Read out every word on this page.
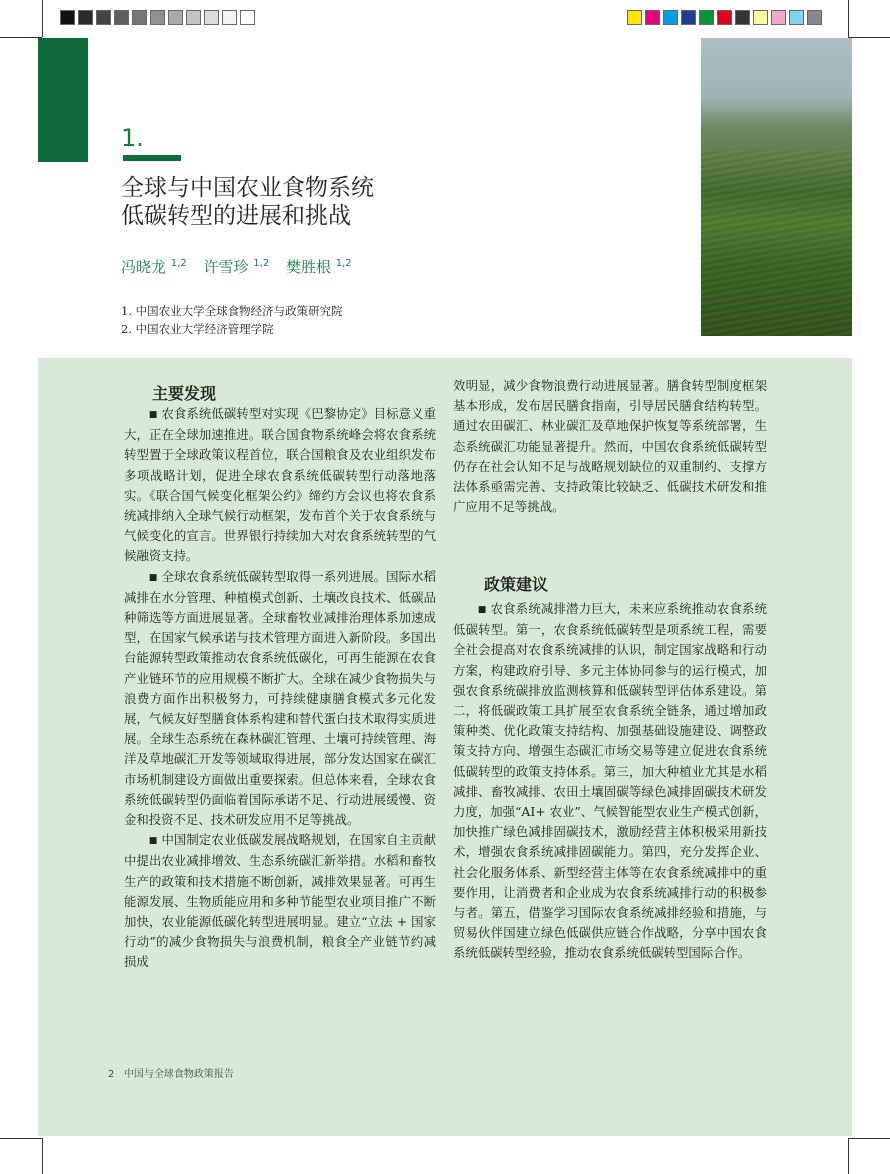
1.
全球与中国农业食物系统
低碳转型的进展和挑战
冯晓龙 $^{1,2}$ 许雪珍 $^{1,2}$ 樊胜根 $^{1,2}$
1. 中国农业大学全球食物经济与政策研究院
2. 中国农业大学经济管理学院
主要发现

■ 农食系统低碳转型对实现《巴黎协定》目标意义重大，正在全球加速推进。联合国食物系统峰会将农食系统转型置于全球政策议程首位，联合国粮食及农业组织发布多项战略计划，促进全球农食系统低碳转型行动落地落实。《联合国气候变化框架公约》缔约方会议也将农食系统减排纳入全球气候行动框架，发布首个关于农食系统与气候变化的宣言。世界银行持续加大对农食系统转型的气候融资支持。

■ 全球农食系统低碳转型取得一系列进展。国际水稻减排在水分管理、种植模式创新、土壤改良技术、低碳品种筛选等方面进展显著。全球畜牧业减排治理体系加速成型，在国家气候承诺与技术管理方面进入新阶段。多国出台能源转型政策推动农食系统低碳化，可再生能源在农食产业链环节的应用规模不断扩大。全球在减少食物损失与浪费方面作出积极努力，可持续健康膳食模式多元化发展，气候友好型膳食体系构建和替代蛋白技术取得实质进展。全球生态系统在森林碳汇管理、土壤可持续管理、海洋及草地碳汇开发等领域取得进展，部分发达国家在碳汇市场机制建设方面做出重要探索。但总体来看，全球农食系统低碳转型仍面临着国际承诺不足、行动进展缓慢、资金和投资不足、技术研发应用不足等挑战。

■ 中国制定农业低碳发展战略规划，在国家自主贡献中提出农业减排增效、生态系统碳汇新举措。水稻和畜牧生产的政策和技术措施不断创新，减排效果显著。可再生能源发展、生物质能应用和多种节能型农业项目推广不断加快，农业能源低碳化转型进展明显。建立“立法 + 国家行动”的减少食物损失与浪费机制，粮食全产业链节约减损成

效明显，减少食物浪费行动进展显著。膳食转型制度框架基本形成，发布居民膳食指南，引导居民膳食结构转型。通过农田碳汇、林业碳汇及草地保护恢复等系统部署，生态系统碳汇功能显著提升。然而，中国农食系统低碳转型仍存在社会认知不足与战略规划缺位的双重制约、支撑方法体系亟需完善、支持政策比较缺乏、低碳技术研发和推广应用不足等挑战。

政策建议

■ 农食系统减排潜力巨大，未来应系统推动农食系统低碳转型。第一，农食系统低碳转型是项系统工程，需要全社会提高对农食系统减排的认识，制定国家战略和行动方案，构建政府引导、多元主体协同参与的运行模式，加强农食系统碳排放监测核算和低碳转型评估体系建设。第二，将低碳政策工具扩展至农食系统全链条，通过增加政策种类、优化政策支持结构、加强基础设施建设、调整政策支持方向、增强生态碳汇市场交易等建立促进农食系统低碳转型的政策支持体系。第三，加大种植业尤其是水稻减排、畜牧减排、农田土壤固碳等绿色减排固碳技术研发力度，加强“AI+ 农业”、气候智能型农业生产模式创新，加快推广绿色减排固碳技术，激励经营主体积极采用新技术，增强农食系统减排固碳能力。第四，充分发挥企业、社会化服务体系、新型经营主体等在农食系统减排中的重要作用，让消费者和企业成为农食系统减排行动的积极参与者。第五，借鉴学习国际农食系统减排经验和措施，与贸易伙伴国建立绿色低碳供应链合作战略，分享中国农食系统低碳转型经验，推动农食系统低碳转型国际合作。

2 中国与全球食物政策报告
